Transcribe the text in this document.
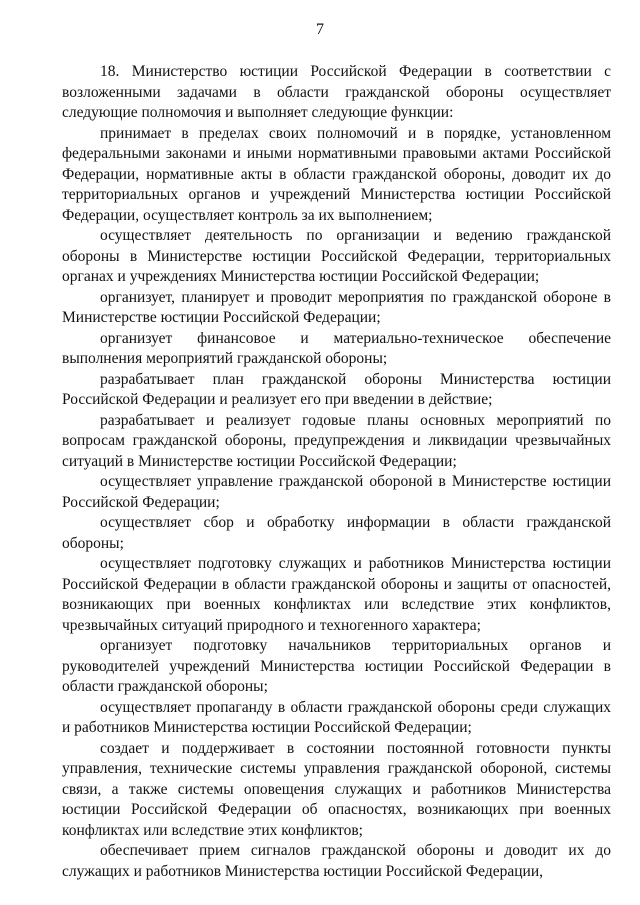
7

18. Министерство юстиции Российской Федерации в соответствии с возложенными задачами в области гражданской обороны осуществляет следующие полномочия и выполняет следующие функции:

принимает в пределах своих полномочий и в порядке, установленном федеральными законами и иными нормативными правовыми актами Российской Федерации, нормативные акты в области гражданской обороны, доводит их до территориальных органов и учреждений Министерства юстиции Российской Федерации, осуществляет контроль за их выполнением;

осуществляет деятельность по организации и ведению гражданской обороны в Министерстве юстиции Российской Федерации, территориальных органах и учреждениях Министерства юстиции Российской Федерации;

организует, планирует и проводит мероприятия по гражданской обороне в Министерстве юстиции Российской Федерации;

организует финансовое и материально-техническое обеспечение выполнения мероприятий гражданской обороны;

разрабатывает план гражданской обороны Министерства юстиции Российской Федерации и реализует его при введении в действие;

разрабатывает и реализует годовые планы основных мероприятий по вопросам гражданской обороны, предупреждения и ликвидации чрезвычайных ситуаций в Министерстве юстиции Российской Федерации;

осуществляет управление гражданской обороной в Министерстве юстиции Российской Федерации;

осуществляет сбор и обработку информации в области гражданской обороны;

осуществляет подготовку служащих и работников Министерства юстиции Российской Федерации в области гражданской обороны и защиты от опасностей, возникающих при военных конфликтах или вследствие этих конфликтов, чрезвычайных ситуаций природного и техногенного характера;

организует подготовку начальников территориальных органов и руководителей учреждений Министерства юстиции Российской Федерации в области гражданской обороны;

осуществляет пропаганду в области гражданской обороны среди служащих и работников Министерства юстиции Российской Федерации;

создает и поддерживает в состоянии постоянной готовности пункты управления, технические системы управления гражданской обороной, системы связи, а также системы оповещения служащих и работников Министерства юстиции Российской Федерации об опасностях, возникающих при военных конфликтах или вследствие этих конфликтов;

обеспечивает прием сигналов гражданской обороны и доводит их до служащих и работников Министерства юстиции Российской Федерации,
